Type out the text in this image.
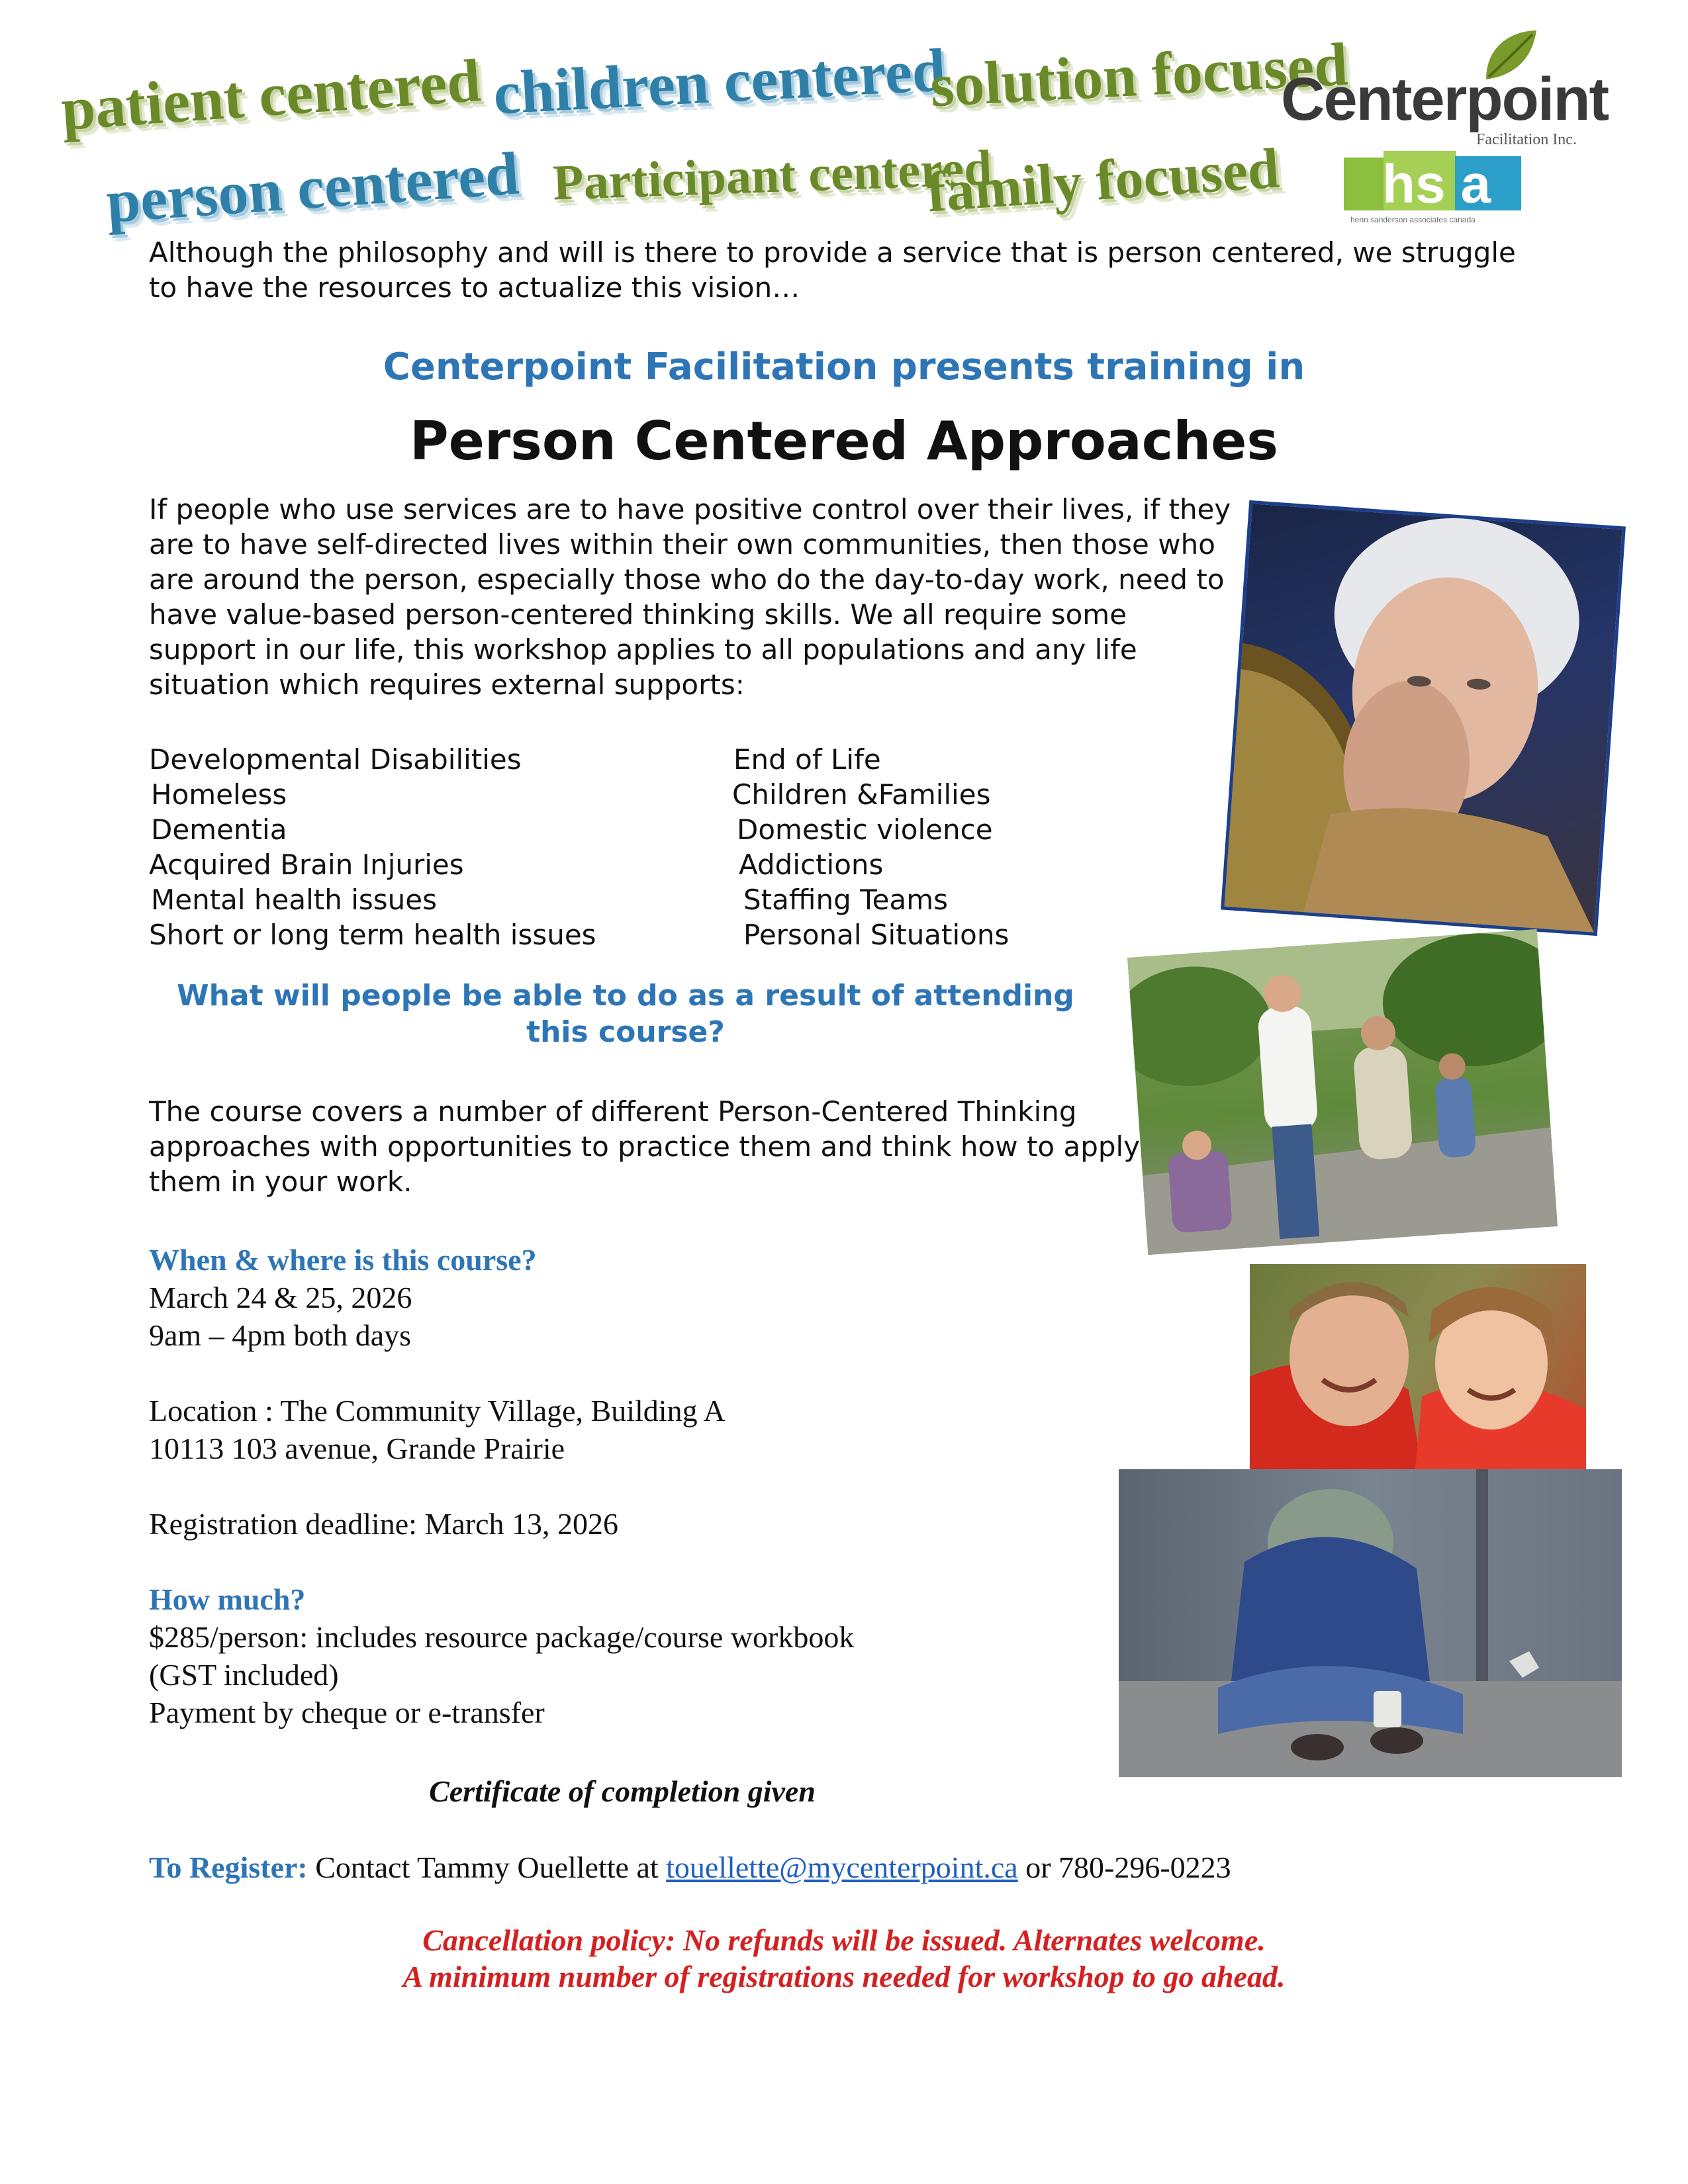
patient centered children centered
solution focused
person centered Participant centered
family focused
Centerpoint
Facilitation Inc.
hs a
henn sanderson associates canada
Although the philosophy and will is there to provide a service that is person centered, we struggle to have the resources to actualize this vision…
Centerpoint Facilitation presents training in
Person Centered Approaches
If people who use services are to have positive control over their lives, if they are to have self-directed lives within their own communities, then those who are around the person, especially those who do the day-to-day work, need to have value-based person-centered thinking skills. We all require some support in our life, this workshop applies to all populations and any life situation which requires external supports:
Developmental Disabilities
Homeless
Dementia
Acquired Brain Injuries
Mental health issues
Short or long term health issues
End of Life
Children &Families
Domestic violence
Addictions
Staffing Teams
Personal Situations
What will people be able to do as a result of attending this course?
The course covers a number of different Person-Centered Thinking approaches with opportunities to practice them and think how to apply them in your work.
When & where is this course?
March 24 & 25, 2026
9am – 4pm both days
Location : The Community Village, Building A
10113 103 avenue, Grande Prairie
Registration deadline: March 13, 2026
How much?
$285/person: includes resource package/course workbook
(GST included)
Payment by cheque or e-transfer
Certificate of completion given
To Register: Contact Tammy Ouellette at touellette@mycenterpoint.ca or 780-296-0223
Cancellation policy: No refunds will be issued. Alternates welcome.
A minimum number of registrations needed for workshop to go ahead.
